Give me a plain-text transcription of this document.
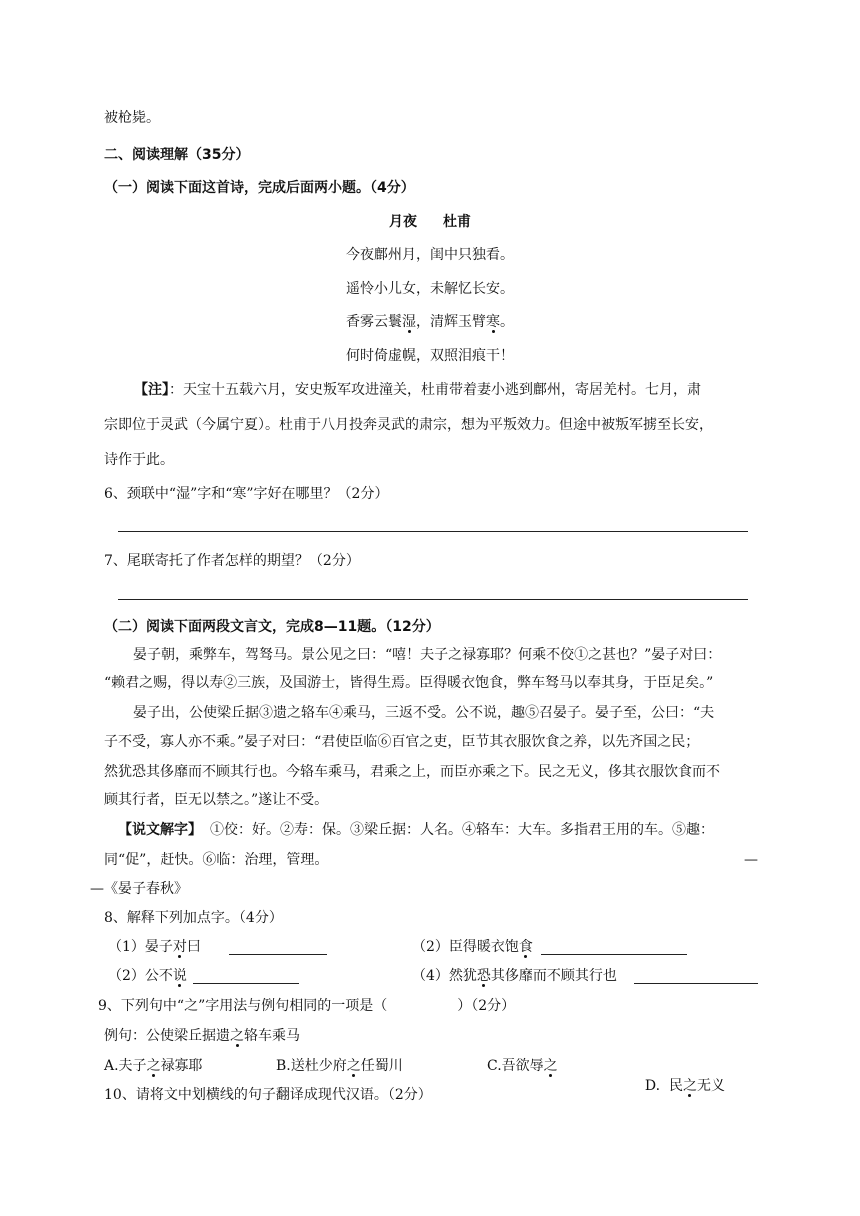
被枪毙。
二、阅读理解（35分）
（一）阅读下面这首诗，完成后面两小题。（4分）
月夜 杜甫
今夜鄜州月，闺中只独看。
遥怜小儿女，未解忆长安。
香雾云鬟湿，清辉玉臂寒。
何时倚虚幌，双照泪痕干！
【注】：天宝十五载六月，安史叛军攻进潼关，杜甫带着妻小逃到鄜州，寄居羌村。七月，肃
宗即位于灵武（今属宁夏）。杜甫于八月投奔灵武的肃宗，想为平叛效力。但途中被叛军掳至长安，
诗作于此。
6、颈联中“湿”字和“寒”字好在哪里？（2分）
7、尾联寄托了作者怎样的期望？（2分）
（二）阅读下面两段文言文，完成8—11题。（12分）
晏子朝，乘弊车，驾驽马。景公见之曰：“嘻！夫子之禄寡耶？何乘不佼①之甚也？”晏子对曰：
“赖君之赐，得以寿②三族，及国游士，皆得生焉。臣得暖衣饱食，弊车驽马以奉其身，于臣足矣。”
晏子出，公使梁丘据③遗之辂车④乘马，三返不受。公不说，趣⑤召晏子。晏子至，公曰：“夫
子不受，寡人亦不乘。”晏子对曰：“君使臣临⑥百官之吏，臣节其衣服饮食之养，以先齐国之民；
然犹恐其侈靡而不顾其行也。今辂车乘马，君乘之上，而臣亦乘之下。民之无义，侈其衣服饮食而不
顾其行者，臣无以禁之。”遂让不受。
【说文解字】 ①佼：好。②寿：保。③梁丘据：人名。④辂车：大车。多指君王用的车。⑤趣：
同“促”，赶快。⑥临：治理，管理。	—
—《晏子春秋》
8、解释下列加点字。（4分）
（1）晏子对曰	（2）臣得暖衣饱食
（2）公不说	（4）然犹恐其侈靡而不顾其行也
9、下列句中“之”字用法与例句相同的一项是（	）（2分）
例句：公使梁丘据遗之辂车乘马
A.夫子之禄寡耶	B.送杜少府之任蜀川	C.吾欲辱之

D.  民之无义

10、请将文中划横线的句子翻译成现代汉语。（2分）
